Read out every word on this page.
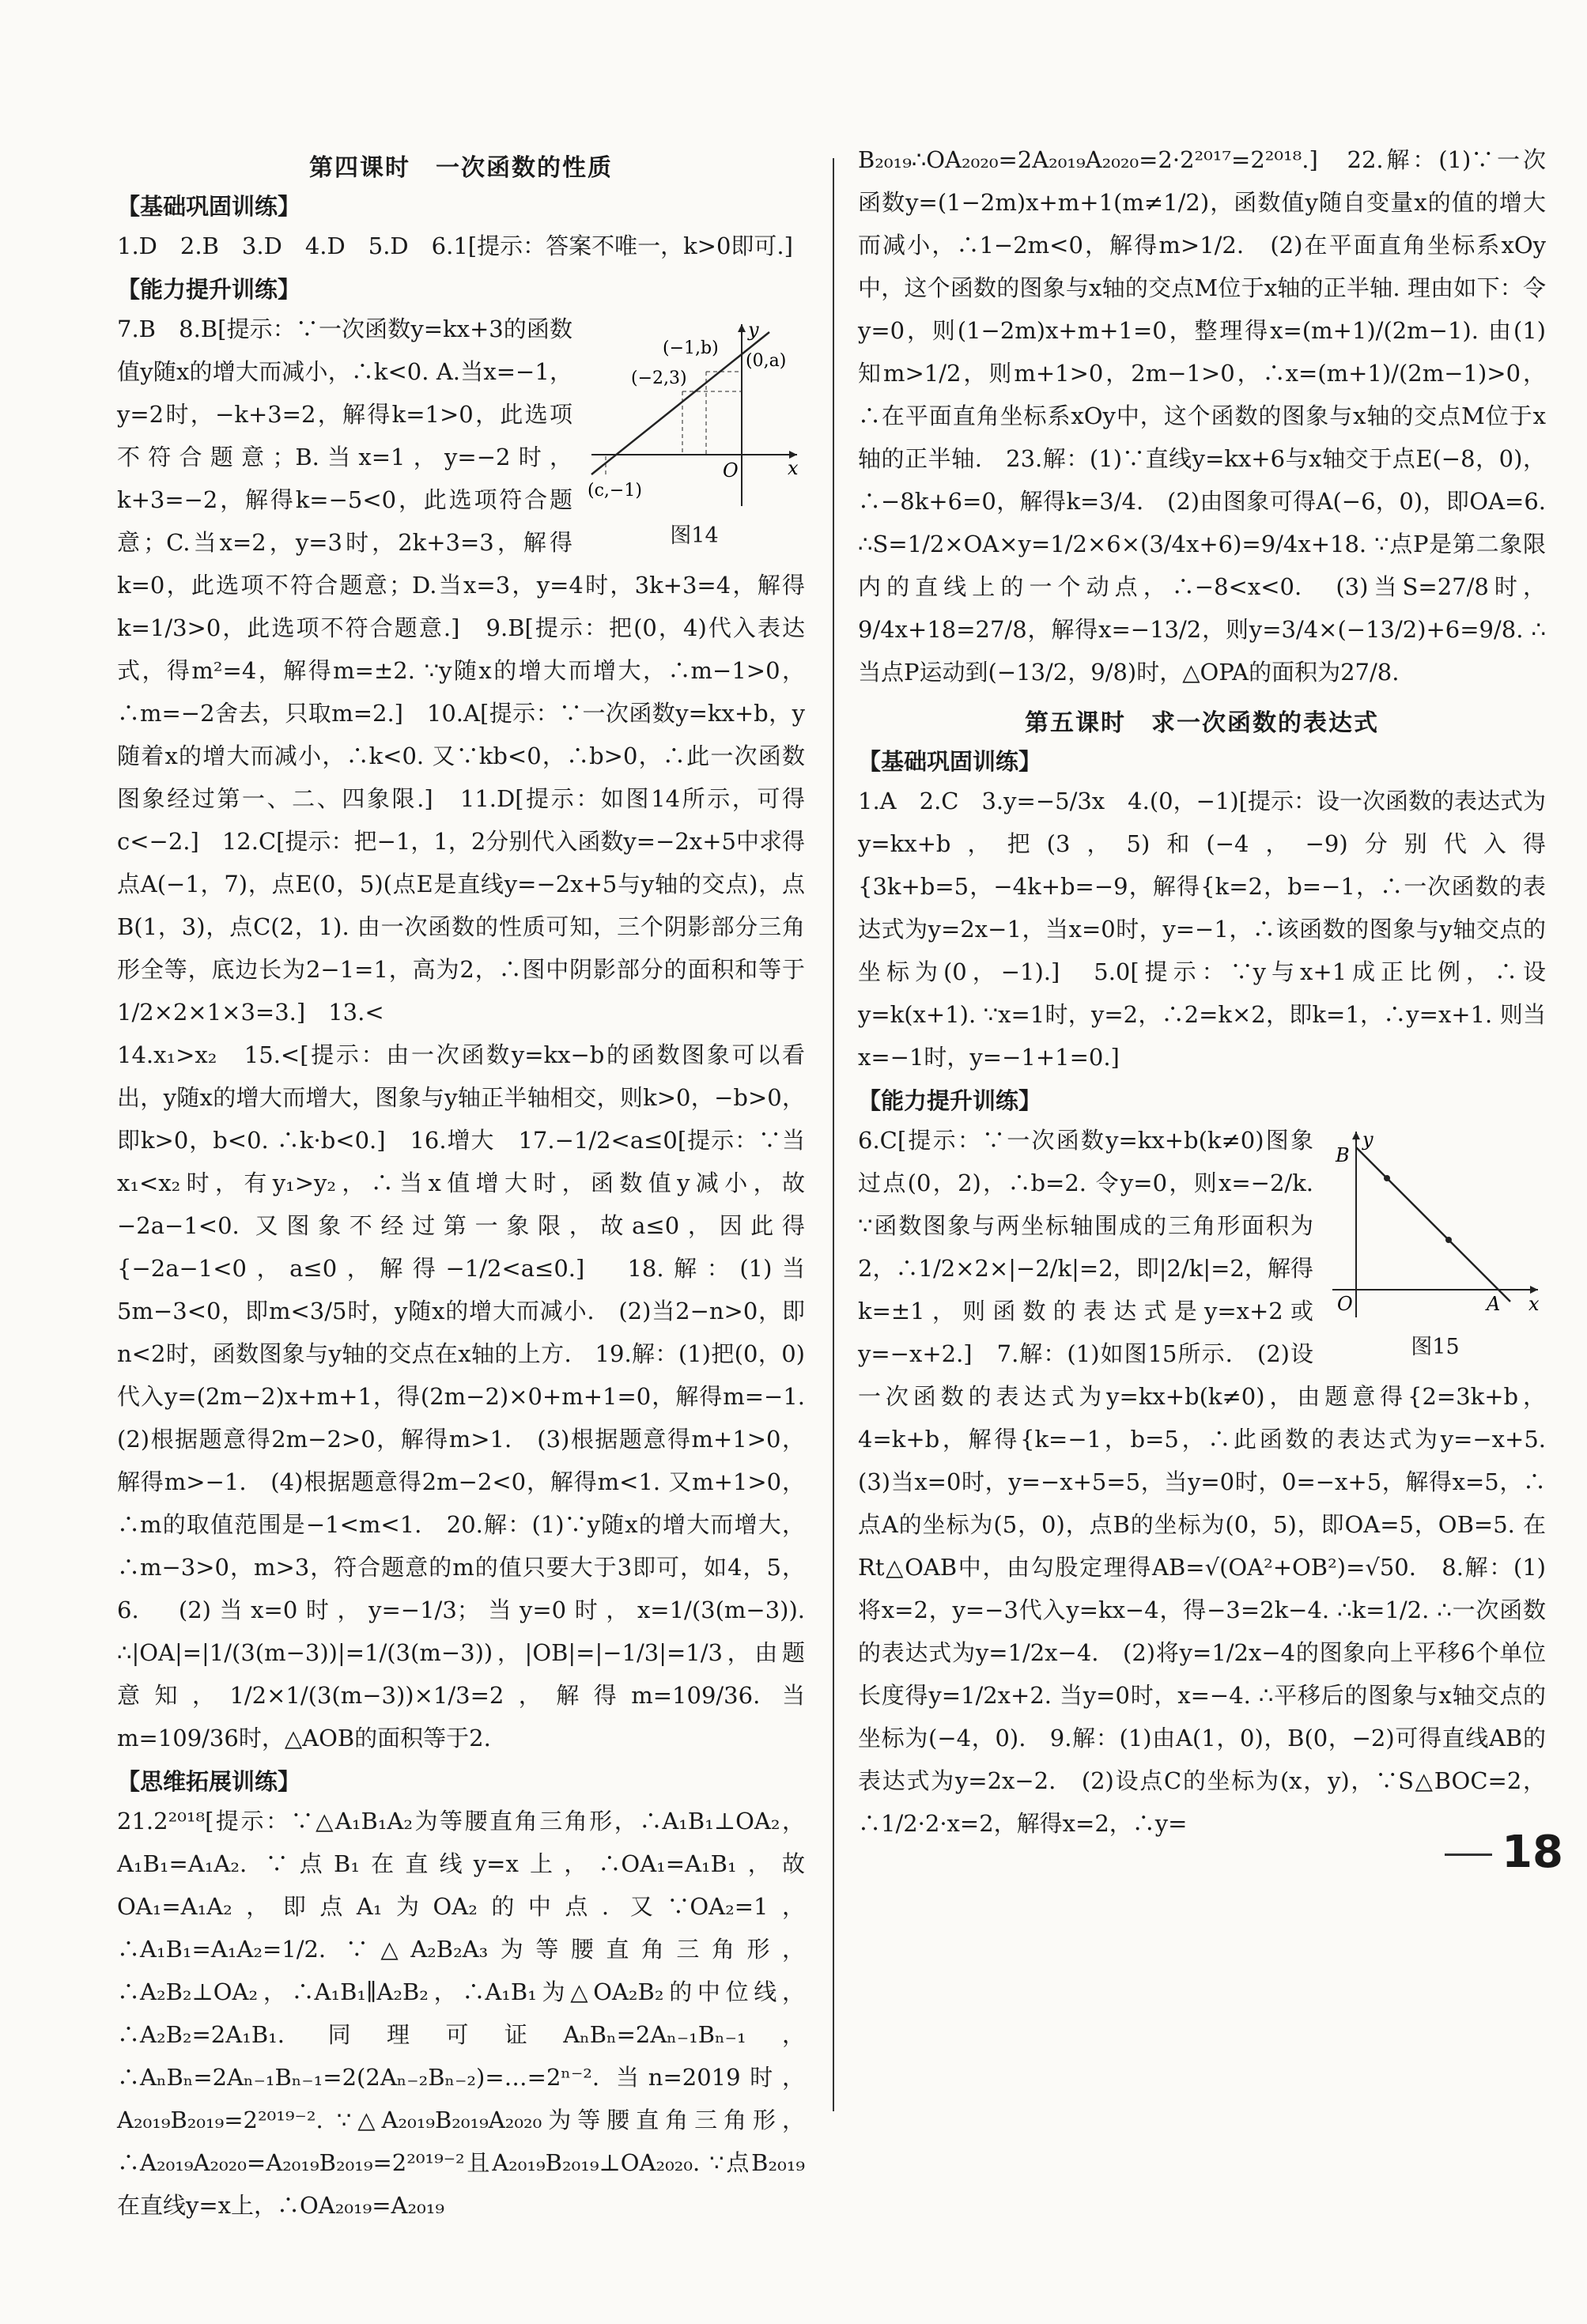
第四课时　一次函数的性质
【基础巩固训练】

1.D　2.B　3.D　4.D　5.D　6.1[提示：答案不唯一，k>0即可.]

【能力提升训练】
y
x
O
(−1,b)
(−2,3)
(0,a)
(c,−1)
图14

7.B　8.B[提示：∵一次函数y=kx+3的函数值y随x的增大而减小，∴k<0. A.当x=−1，y=2时，−k+3=2，解得k=1>0，此选项不符合题意；B.当x=1，y=−2时，k+3=−2，解得k=−5<0，此选项符合题意；C.当x=2，y=3时，2k+3=3，解得k=0，此选项不符合题意；D.当x=3，y=4时，3k+3=4，解得k=1/3>0，此选项不符合题意.]　9.B[提示：把(0，4)代入表达式，得m²=4，解得m=±2. ∵y随x的增大而增大，∴m−1>0，∴m=−2舍去，只取m=2.]　10.A[提示：∵一次函数y=kx+b，y随着x的增大而减小，∴k<0. 又∵kb<0，∴b>0，∴此一次函数图象经过第一、二、四象限.]　11.D[提示：如图14所示，可得c<−2.]　12.C[提示：把−1，1，2分别代入函数y=−2x+5中求得点A(−1，7)，点E(0，5)(点E是直线y=−2x+5与y轴的交点)，点B(1，3)，点C(2，1). 由一次函数的性质可知，三个阴影部分三角形全等，底边长为2−1=1，高为2，∴图中阴影部分的面积和等于1/2×2×1×3=3.]　13.<

14.x₁>x₂　15.<[提示：由一次函数y=kx−b的函数图象可以看出，y随x的增大而增大，图象与y轴正半轴相交，则k>0，−b>0，即k>0，b<0. ∴k·b<0.]　16.增大　17.−1/2<a≤0[提示：∵当x₁<x₂时，有y₁>y₂，∴当x值增大时，函数值y减小，故−2a−1<0. 又图象不经过第一象限，故a≤0，因此得{−2a−1<0，a≤0，解得−1/2<a≤0.]　18.解：(1)当5m−3<0，即m<3/5时，y随x的增大而减小.　(2)当2−n>0，即n<2时，函数图象与y轴的交点在x轴的上方.　19.解：(1)把(0，0)代入y=(2m−2)x+m+1，得(2m−2)×0+m+1=0，解得m=−1.　(2)根据题意得2m−2>0，解得m>1.　(3)根据题意得m+1>0，解得m>−1.　(4)根据题意得2m−2<0，解得m<1. 又m+1>0，∴m的取值范围是−1<m<1.　20.解：(1)∵y随x的增大而增大，∴m−3>0，m>3，符合题意的m的值只要大于3即可，如4，5，6.　(2)当x=0时，y=−1/3；当y=0时，x=1/(3(m−3)). ∴|OA|=|1/(3(m−3))|=1/(3(m−3))，|OB|=|−1/3|=1/3，由题意知，1/2×1/(3(m−3))×1/3=2，解得m=109/36. 当m=109/36时，△AOB的面积等于2.

【思维拓展训练】

21.2²⁰¹⁸[提示：∵△A₁B₁A₂为等腰直角三角形，∴A₁B₁⊥OA₂，A₁B₁=A₁A₂. ∵点B₁在直线y=x上，∴OA₁=A₁B₁，故OA₁=A₁A₂，即点A₁为OA₂的中点. 又∵OA₂=1，∴A₁B₁=A₁A₂=1/2. ∵△A₂B₂A₃为等腰直角三角形，∴A₂B₂⊥OA₂，∴A₁B₁∥A₂B₂，∴A₁B₁为△OA₂B₂的中位线，∴A₂B₂=2A₁B₁. 同理可证AₙBₙ=2Aₙ₋₁Bₙ₋₁，∴AₙBₙ=2Aₙ₋₁Bₙ₋₁=2(2Aₙ₋₂Bₙ₋₂)=…=2ⁿ⁻². 当n=2019时，A₂₀₁₉B₂₀₁₉=2²⁰¹⁹⁻². ∵△A₂₀₁₉B₂₀₁₉A₂₀₂₀为等腰直角三角形，∴A₂₀₁₉A₂₀₂₀=A₂₀₁₉B₂₀₁₉=2²⁰¹⁹⁻²且A₂₀₁₉B₂₀₁₉⊥OA₂₀₂₀. ∵点B₂₀₁₉在直线y=x上，∴OA₂₀₁₉=A₂₀₁₉

B₂₀₁₉∴OA₂₀₂₀=2A₂₀₁₉A₂₀₂₀=2·2²⁰¹⁷=2²⁰¹⁸.]　22.解：(1)∵一次函数y=(1−2m)x+m+1(m≠1/2)，函数值y随自变量x的值的增大而减小，∴1−2m<0，解得m>1/2.　(2)在平面直角坐标系xOy中，这个函数的图象与x轴的交点M位于x轴的正半轴. 理由如下：令y=0，则(1−2m)x+m+1=0，整理得x=(m+1)/(2m−1). 由(1)知m>1/2，则m+1>0，2m−1>0，∴x=(m+1)/(2m−1)>0，∴在平面直角坐标系xOy中，这个函数的图象与x轴的交点M位于x轴的正半轴.　23.解：(1)∵直线y=kx+6与x轴交于点E(−8，0)，∴−8k+6=0，解得k=3/4.　(2)由图象可得A(−6，0)，即OA=6. ∴S=1/2×OA×y=1/2×6×(3/4x+6)=9/4x+18. ∵点P是第二象限内的直线上的一个动点，∴−8<x<0.　(3)当S=27/8时，9/4x+18=27/8，解得x=−13/2，则y=3/4×(−13/2)+6=9/8. ∴当点P运动到(−13/2，9/8)时，△OPA的面积为27/8.

第五课时　求一次函数的表达式
【基础巩固训练】

1.A　2.C　3.y=−5/3x　4.(0，−1)[提示：设一次函数的表达式为y=kx+b，把(3，5)和(−4，−9)分别代入得{3k+b=5，−4k+b=−9，解得{k=2，b=−1，∴一次函数的表达式为y=2x−1，当x=0时，y=−1，∴该函数的图象与y轴交点的坐标为(0，−1).]　5.0[提示：∵y与x+1成正比例，∴设y=k(x+1). ∵x=1时，y=2，∴2=k×2，即k=1，∴y=x+1. 则当x=−1时，y=−1+1=0.]

【能力提升训练】
y
x
O	A
B
图15

6.C[提示：∵一次函数y=kx+b(k≠0)图象过点(0，2)，∴b=2. 令y=0，则x=−2/k. ∵函数图象与两坐标轴围成的三角形面积为2，∴1/2×2×|−2/k|=2，即|2/k|=2，解得k=±1，则函数的表达式是y=x+2或y=−x+2.]　7.解：(1)如图15所示.　(2)设一次函数的表达式为y=kx+b(k≠0)，由题意得{2=3k+b，4=k+b，解得{k=−1，b=5，∴此函数的表达式为y=−x+5.　(3)当x=0时，y=−x+5=5，当y=0时，0=−x+5，解得x=5，∴点A的坐标为(5，0)，点B的坐标为(0，5)，即OA=5，OB=5. 在Rt△OAB中，由勾股定理得AB=√(OA²+OB²)=√50.　8.解：(1)将x=2，y=−3代入y=kx−4，得−3=2k−4. ∴k=1/2. ∴一次函数的表达式为y=1/2x−4.　(2)将y=1/2x−4的图象向上平移6个单位长度得y=1/2x+2. 当y=0时，x=−4. ∴平移后的图象与x轴交点的坐标为(−4，0).　9.解：(1)由A(1，0)，B(0，−2)可得直线AB的表达式为y=2x−2.　(2)设点C的坐标为(x，y)，∵S△BOC=2，∴1/2·2·x=2，解得x=2，∴y=

18
